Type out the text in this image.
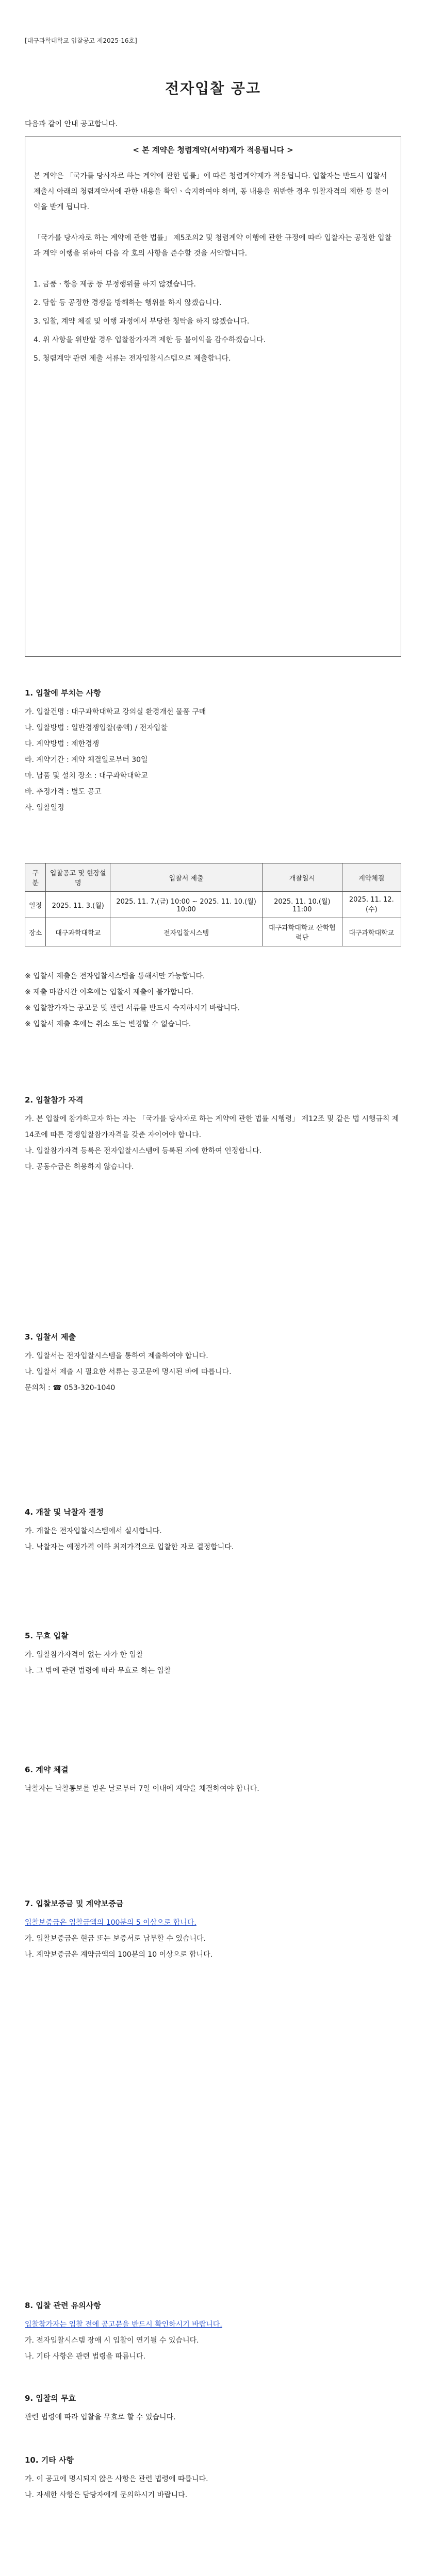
[대구과학대학교 입찰공고 제2025-16호]
전자입찰 공고
다음과 같이 안내 공고합니다.
< 본 계약은 청렴계약(서약)제가 적용됩니다 >

본 계약은 「국가를 당사자로 하는 계약에 관한 법률」에 따른 청렴계약제가 적용됩니다. 입찰자는 반드시 입찰서 제출시 아래의 청렴계약서에 관한 내용을 확인ㆍ숙지하여야 하며, 동 내용을 위반한 경우 입찰자격의 제한 등 불이익을 받게 됩니다.

「국가를 당사자로 하는 계약에 관한 법률」 제5조의2 및 청렴계약 이행에 관한 규정에 따라 입찰자는 공정한 입찰과 계약 이행을 위하여 다음 각 호의 사항을 준수할 것을 서약합니다.

1. 금품ㆍ향응 제공 등 부정행위를 하지 않겠습니다.
2. 담합 등 공정한 경쟁을 방해하는 행위를 하지 않겠습니다.
3. 입찰, 계약 체결 및 이행 과정에서 부당한 청탁을 하지 않겠습니다.
4. 위 사항을 위반할 경우 입찰참가자격 제한 등 불이익을 감수하겠습니다.
5. 청렴계약 관련 제출 서류는 전자입찰시스템으로 제출합니다.
1. 입찰에 부치는 사항

가. 입찰건명 : 대구과학대학교 강의실 환경개선 물품 구매

나. 입찰방법 : 일반경쟁입찰(총액) / 전자입찰

다. 계약방법 : 제한경쟁

라. 계약기간 : 계약 체결일로부터 30일

마. 납품 및 설치 장소 : 대구과학대학교

바. 추정가격 : 별도 공고

사. 입찰일정

구 분	입찰공고 및 현장설명	입찰서 제출	개찰일시	계약체결
일정	2025. 11. 3.(월)	2025. 11. 7.(금) 10:00 ~ 2025. 11. 10.(월) 10:00	2025. 11. 10.(월) 11:00	2025. 11. 12.(수)
장소	대구과학대학교	전자입찰시스템	대구과학대학교 산학협력단	대구과학대학교

※ 입찰서 제출은 전자입찰시스템을 통해서만 가능합니다.

※ 제출 마감시간 이후에는 입찰서 제출이 불가합니다.

※ 입찰참가자는 공고문 및 관련 서류를 반드시 숙지하시기 바랍니다.

※ 입찰서 제출 후에는 취소 또는 변경할 수 없습니다.

2. 입찰참가 자격

가. 본 입찰에 참가하고자 하는 자는 「국가를 당사자로 하는 계약에 관한 법률 시행령」 제12조 및 같은 법 시행규칙 제14조에 따른 경쟁입찰참가자격을 갖춘 자이어야 합니다.

나. 입찰참가자격 등록은 전자입찰시스템에 등록된 자에 한하여 인정합니다.

다. 공동수급은 허용하지 않습니다.

3. 입찰서 제출

가. 입찰서는 전자입찰시스템을 통하여 제출하여야 합니다.

나. 입찰서 제출 시 필요한 서류는 공고문에 명시된 바에 따릅니다.

문의처 : ☎ 053-320-1040

4. 개찰 및 낙찰자 결정

가. 개찰은 전자입찰시스템에서 실시합니다.

나. 낙찰자는 예정가격 이하 최저가격으로 입찰한 자로 결정합니다.

5. 무효 입찰

가. 입찰참가자격이 없는 자가 한 입찰

나. 그 밖에 관련 법령에 따라 무효로 하는 입찰

6. 계약 체결

낙찰자는 낙찰통보를 받은 날로부터 7일 이내에 계약을 체결하여야 합니다.

7. 입찰보증금 및 계약보증금

입찰보증금은 입찰금액의 100분의 5 이상으로 합니다.

가. 입찰보증금은 현금 또는 보증서로 납부할 수 있습니다.

나. 계약보증금은 계약금액의 100분의 10 이상으로 합니다.

8. 입찰 관련 유의사항

입찰참가자는 입찰 전에 공고문을 반드시 확인하시기 바랍니다.

가. 전자입찰시스템 장애 시 입찰이 연기될 수 있습니다.

나. 기타 사항은 관련 법령을 따릅니다.

9. 입찰의 무효

관련 법령에 따라 입찰을 무효로 할 수 있습니다.

10. 기타 사항

가. 이 공고에 명시되지 않은 사항은 관련 법령에 따릅니다.

나. 자세한 사항은 담당자에게 문의하시기 바랍니다.
